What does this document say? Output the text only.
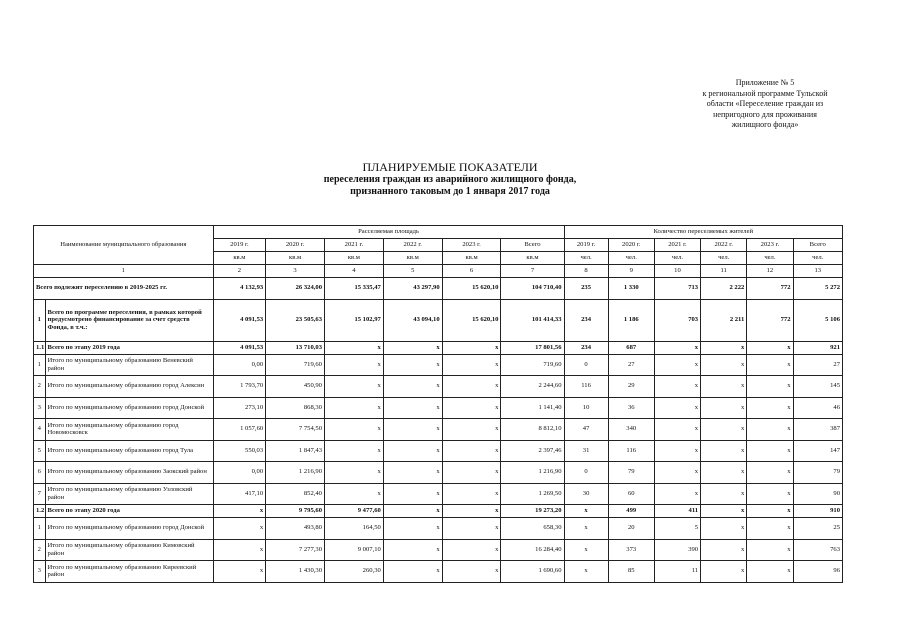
Приложение № 5
к региональной программе Тульской
области «Переселение граждан из
непригодного для проживания
жилищного фонда»
ПЛАНИРУЕМЫЕ ПОКАЗАТЕЛИ
переселения граждан из аварийного жилищного фонда,
признанного таковым до 1 января 2017 года
Наименование муниципального образования		Расселяемая площадь						Количество переселяемых жителей					
		2019 г.	2020 г.	2021 г.	2022 г.	2023 г.	Всего	2019 г.	2020 г.	2021 г.	2022 г.	2023 г.	Всего
		кв.м	кв.м	кв.м	кв.м	кв.м	кв.м	чел.	чел.	чел.	чел.	чел.	чел.
1		2	3	4	5	6	7	8	9	10	11	12	13
Всего подлежит переселению в 2019-2025 гг.		4 132,93	26 324,00	15 335,47	43 297,90	15 620,10	104 710,40	235	1 330	713	2 222	772	5 272
1	Всего по программе переселения, в рамках которой предусмотрено финансирование за счет средств Фонда, в т.ч.:	4 091,53	23 505,63	15 102,97	43 094,10	15 620,10	101 414,33	234	1 186	703	2 211	772	5 106
1.1	Всего по этапу 2019 года	4 091,53	13 710,03	x	x	x	17 801,56	234	687	x	x	x	921
1	Итого по муниципальному образованию Веневский район	0,00	719,60	x	x	x	719,60	0	27	x	x	x	27
2	Итого по муниципальному образованию город Алексин	1 793,70	450,90	x	x	x	2 244,60	116	29	x	x	x	145
3	Итого по муниципальному образованию город Донской	273,10	868,30	x	x	x	1 141,40	10	36	x	x	x	46
4	Итого по муниципальному образованию город Новомосковск	1 057,60	7 754,50	x	x	x	8 812,10	47	340	x	x	x	387
5	Итого по муниципальному образованию город Тула	550,03	1 847,43	x	x	x	2 397,46	31	116	x	x	x	147
6	Итого по муниципальному образованию Заокский район	0,00	1 216,90	x	x	x	1 216,90	0	79	x	x	x	79
7	Итого по муниципальному образованию Узловский район	417,10	852,40	x	x	x	1 269,50	30	60	x	x	x	90
1.2	Всего по этапу 2020 года	x	9 795,60	9 477,60	x	x	19 273,20	x	499	411	x	x	910
1	Итого по муниципальному образованию город Донской	x	493,80	164,50	x	x	658,30	x	20	5	x	x	25
2	Итого по муниципальному образованию Кимовский район	x	7 277,30	9 007,10	x	x	16 284,40	x	373	390	x	x	763
3	Итого по муниципальному образованию Киреевский район	x	1 430,30	260,30	x	x	1 690,60	x	85	11	x	x	96
